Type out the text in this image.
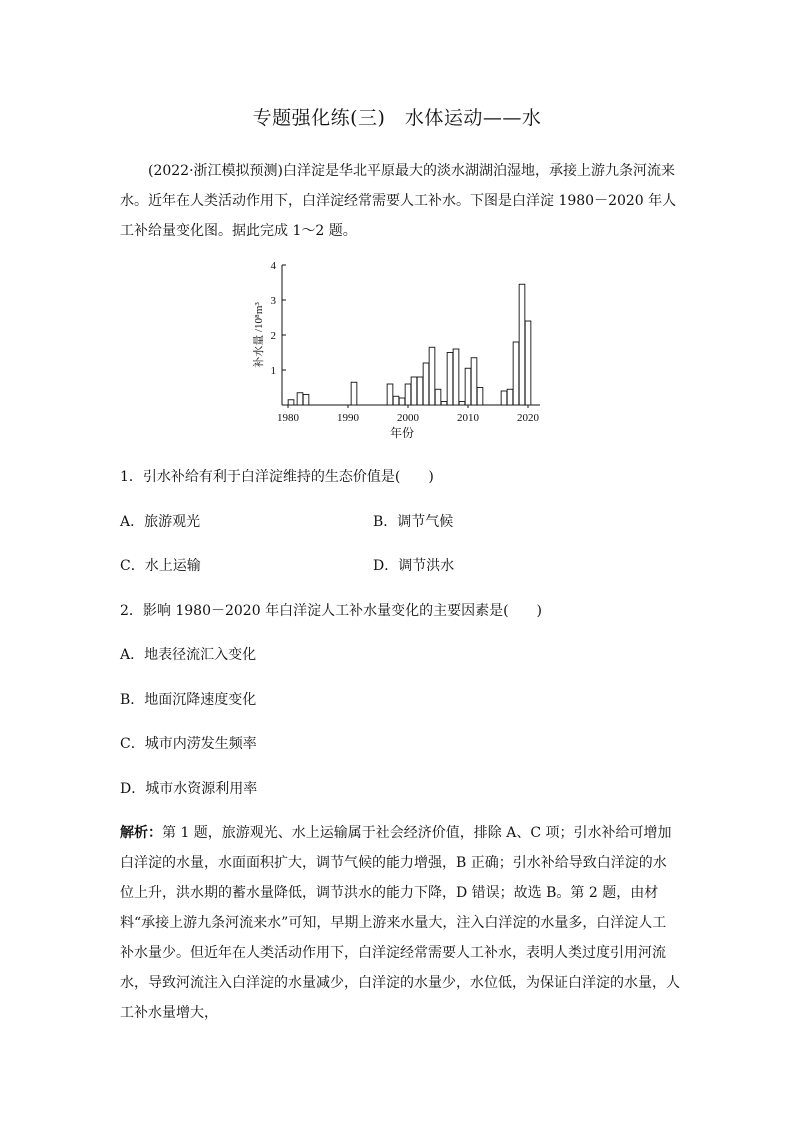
专题强化练(三)　水体运动——水
(2022·浙江模拟预测)白洋淀是华北平原最大的淡水湖湖泊湿地，承接上游九条河流来水。近年在人类活动作用下，白洋淀经常需要人工补水。下图是白洋淀 1980－2020 年人工补给量变化图。据此完成 1～2 题。
1
2
3
4
1980	1990	2000	2010	2020
年份
补水量 /10⁸m³
1．引水补给有利于白洋淀维持的生态价值是(　　)
A．旅游观光	B．调节气候
C．水上运输	D．调节洪水
2．影响 1980－2020 年白洋淀人工补水量变化的主要因素是(　　)
A．地表径流汇入变化
B．地面沉降速度变化
C．城市内涝发生频率
D．城市水资源利用率
解析：第 1 题，旅游观光、水上运输属于社会经济价值，排除 A、C 项；引水补给可增加白洋淀的水量，水面面积扩大，调节气候的能力增强，B 正确；引水补给导致白洋淀的水位上升，洪水期的蓄水量降低，调节洪水的能力下降，D 错误；故选 B。第 2 题，由材料“承接上游九条河流来水”可知，早期上游来水量大，注入白洋淀的水量多，白洋淀人工补水量少。但近年在人类活动作用下，白洋淀经常需要人工补水，表明人类过度引用河流水，导致河流注入白洋淀的水量减少，白洋淀的水量少，水位低，为保证白洋淀的水量，人工补水量增大，
